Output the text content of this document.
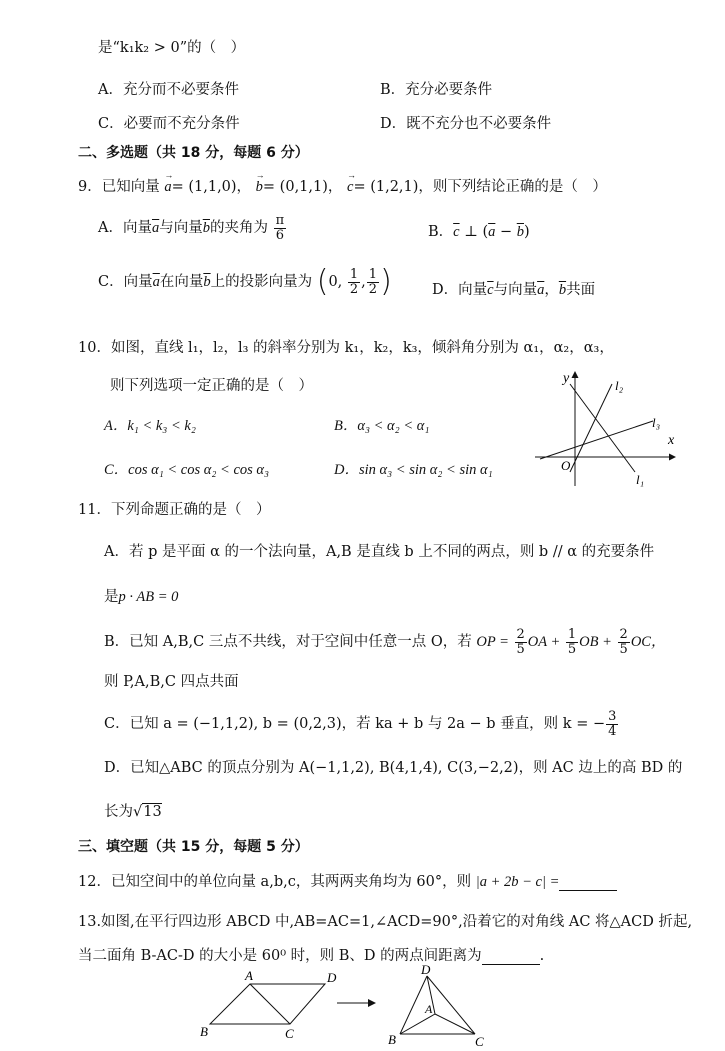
是“k₁k₂ > 0”的（　）
A．充分而不必要条件	B．充分必要条件
C．必要而不充分条件	D．既不充分也不必要条件
二、多选题（共 18 分，每题 6 分）
9．已知向量 → a= (1,1,0)， → b= (0,1,1)， → c= (1,2,1)，则下列结论正确的是（　）
A．向量$\overline{a}$与向量$\overline{b}$的夹角为 $\frac{\pi}{6}$	B．$\overline{c}$ ⊥ $(\overline{a} - \overline{b})$
C．向量$\overline{a}$在向量$\overline{b}$上的投影向量为 (0, $\frac{1}{2}$ , $\frac{1}{2}$ )	D．向量$\overline{c}$与向量$\overline{a}$，$\overline{b}$共面
10．如图，直线 l₁，l₂，l₃ 的斜率分别为 k₁，k₂，k₃，倾斜角分别为 α₁，α₂，α₃，
则下列选项一定正确的是（　）
A．k₁ < k₃ < k₂	B．α₃ < α₂ < α₁
C．cos α₁ < cos α₂ < cos α₃	D．sin α₃ < sin α₂ < sin α₁
y
x
O
l₂
l₃
l₁
11．下列命题正确的是（　）
A．若 p 是平面 α 的一个法向量，A,B 是直线 b 上不同的两点，则 b // α 的充要条件
是p · AB = 0
B．已知 A,B,C 三点不共线，对于空间中任意一点 O，若 OP = $\frac{2}{5}$ OA + $\frac{1}{5}$ OB + $\frac{2}{5}$ OC，
则 P,A,B,C 四点共面
C．已知 a = (−1,1,2), b = (0,2,3)，若 ka + b 与 2a − b 垂直，则 k = − $\frac{3}{4}$
D．已知△ABC 的顶点分别为 A(−1,1,2), B(4,1,4), C(3,−2,2)，则 AC 边上的高 BD 的
长为√13
三、填空题（共 15 分，每题 5 分）
12．已知空间中的单位向量 a,b,c，其两两夹角均为 60°，则 |a + 2b − c| =
13.如图,在平行四边形 ABCD 中,AB=AC=1,∠ACD=90°,沿着它的对角线 AC 将△ACD 折起,
当二面角 B-AC-D 的大小是 60⁰ 时，则 B、D 的两点间距离为	.
A	D
B	C
D
A
B	C
